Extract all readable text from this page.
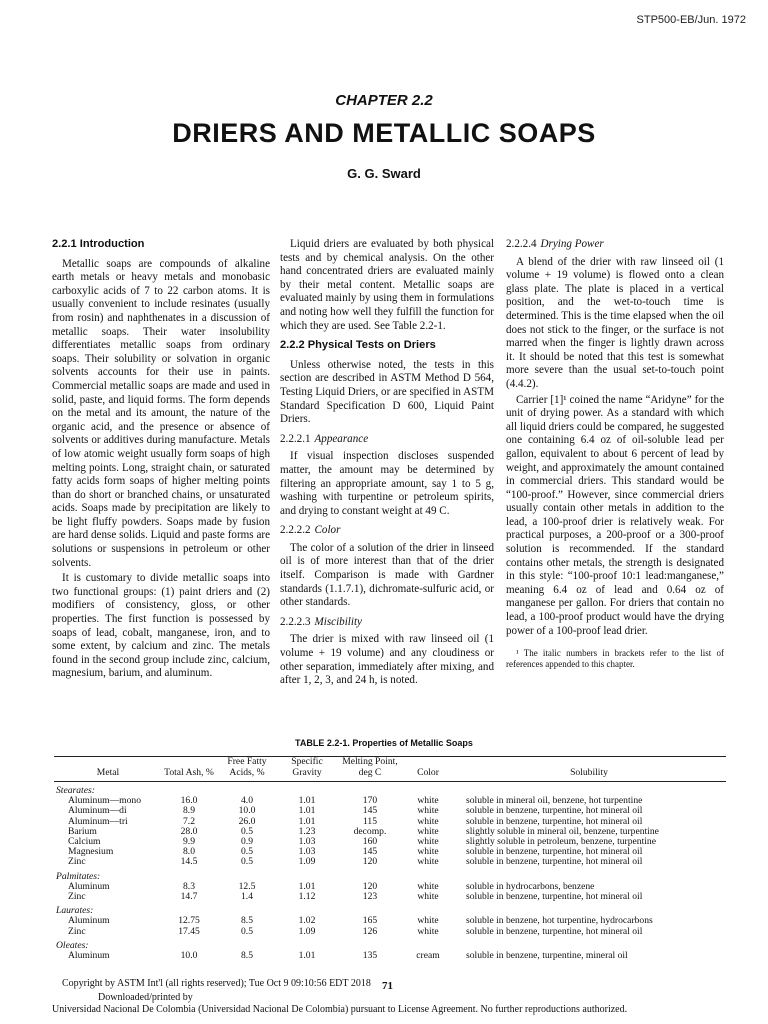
STP500-EB/Jun. 1972
CHAPTER 2.2
DRIERS AND METALLIC SOAPS
G. G. Sward
2.2.1 Introduction

Metallic soaps are compounds of alkaline earth metals or heavy metals and monobasic carboxylic acids of 7 to 22 carbon atoms. It is usually convenient to include resinates (usually from rosin) and naphthenates in a discussion of metallic soaps. Their water insolubility differentiates metallic soaps from ordinary soaps. Their solubility or solvation in organic solvents accounts for their use in paints. Commercial metallic soaps are made and used in solid, paste, and liquid forms. The form depends on the metal and its amount, the nature of the organic acid, and the presence or absence of solvents or additives during manufacture. Metals of low atomic weight usually form soaps of high melting points. Long, straight chain, or saturated fatty acids form soaps of higher melting points than do short or branched chains, or unsaturated acids. Soaps made by precipitation are likely to be light fluffy powders. Soaps made by fusion are hard dense solids. Liquid and paste forms are solutions or suspensions in petroleum or other solvents.

It is customary to divide metallic soaps into two functional groups: (1) paint driers and (2) modifiers of consistency, gloss, or other properties. The first function is possessed by soaps of lead, cobalt, manganese, iron, and to some extent, by calcium and zinc. The metals found in the second group include zinc, calcium, magnesium, barium, and aluminum.

Liquid driers are evaluated by both physical tests and by chemical analysis. On the other hand concentrated driers are evaluated mainly by their metal content. Metallic soaps are evaluated mainly by using them in formulations and noting how well they fulfill the function for which they are used. See Table 2.2-1.

2.2.2 Physical Tests on Driers

Unless otherwise noted, the tests in this section are described in ASTM Method D 564, Testing Liquid Driers, or are specified in ASTM Standard Specification D 600, Liquid Paint Driers.

2.2.2.1 Appearance

If visual inspection discloses suspended matter, the amount may be determined by filtering an appropriate amount, say 1 to 5 g, washing with turpentine or petroleum spirits, and drying to constant weight at 49 C.

2.2.2.2 Color

The color of a solution of the drier in linseed oil is of more interest than that of the drier itself. Comparison is made with Gardner standards (1.1.7.1), dichromate-sulfuric acid, or other standards.

2.2.2.3 Miscibility

The drier is mixed with raw linseed oil (1 volume + 19 volume) and any cloudiness or other separation, immediately after mixing, and after 1, 2, 3, and 24 h, is noted.

2.2.2.4 Drying Power

A blend of the drier with raw linseed oil (1 volume + 19 volume) is flowed onto a clean glass plate. The plate is placed in a vertical position, and the wet-to-touch time is determined. This is the time elapsed when the oil does not stick to the finger, or the surface is not marred when the finger is lightly drawn across it. It should be noted that this test is somewhat more severe than the usual set-to-touch point (4.4.2).

Carrier [1]¹ coined the name “Aridyne” for the unit of drying power. As a standard with which all liquid driers could be compared, he suggested one containing 6.4 oz of oil-soluble lead per gallon, equivalent to about 6 percent of lead by weight, and approximately the amount contained in commercial driers. This standard would be “100-proof.” However, since commercial driers usually contain other metals in addition to the lead, a 100-proof drier is relatively weak. For practical purposes, a 200-proof or a 300-proof solution is recommended. If the standard contains other metals, the strength is designated in this style: “100-proof 10:1 lead:manganese,” meaning 6.4 oz of lead and 0.64 oz of manganese per gallon. For driers that contain no lead, a 100-proof product would have the drying power of a 100-proof lead drier.

¹ The italic numbers in brackets refer to the list of references appended to this chapter.

TABLE 2.2-1. Properties of Metallic Soaps
Metal	Total Ash, %	Free Fatty Acids, %	Specific Gravity	Melting Point, deg C	Color	Solubility
Stearates:						
Aluminum—mono	16.0	4.0	1.01	170	white	soluble in mineral oil, benzene, hot turpentine
Aluminum—di	8.9	10.0	1.01	145	white	soluble in benzene, turpentine, hot mineral oil
Aluminum—tri	7.2	26.0	1.01	115	white	soluble in benzene, turpentine, hot mineral oil
Barium	28.0	0.5	1.23	decomp.	white	slightly soluble in mineral oil, benzene, turpentine
Calcium	9.9	0.9	1.03	160	white	slightly soluble in petroleum, benzene, turpentine
Magnesium	8.0	0.5	1.03	145	white	soluble in benzene, turpentine, hot mineral oil
Zinc	14.5	0.5	1.09	120	white	soluble in benzene, turpentine, hot mineral oil
Palmitates:						
Aluminum	8.3	12.5	1.01	120	white	soluble in hydrocarbons, benzene
Zinc	14.7	1.4	1.12	123	white	soluble in benzene, turpentine, hot mineral oil
Laurates:						
Aluminum	12.75	8.5	1.02	165	white	soluble in benzene, hot turpentine, hydrocarbons
Zinc	17.45	0.5	1.09	126	white	soluble in benzene, turpentine, hot mineral oil
Oleates:						
Aluminum	10.0	8.5	1.01	135	cream	soluble in benzene, turpentine, mineral oil
Copyright by ASTM Int'l (all rights reserved); Tue Oct 9 09:10:56 EDT 2018 71
Downloaded/printed by
Universidad Nacional De Colombia (Universidad Nacional De Colombia) pursuant to License Agreement. No further reproductions authorized.
